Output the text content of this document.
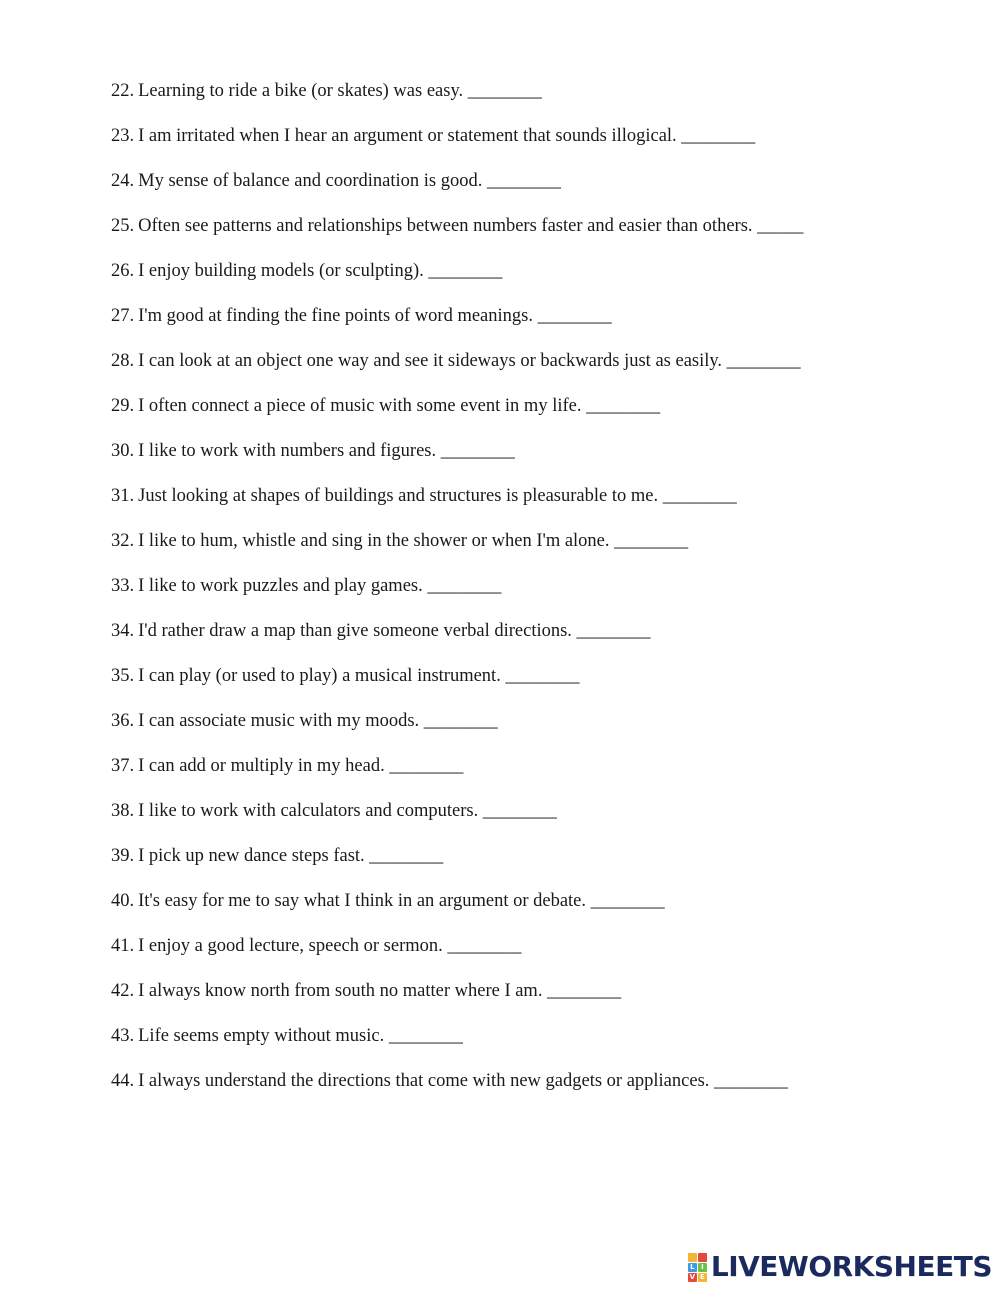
22. Learning to ride a bike (or skates) was easy. ________
23. I am irritated when I hear an argument or statement that sounds illogical. ________
24. My sense of balance and coordination is good. ________
25. Often see patterns and relationships between numbers faster and easier than others. _____
26. I enjoy building models (or sculpting). ________
27. I'm good at finding the fine points of word meanings. ________
28. I can look at an object one way and see it sideways or backwards just as easily. ________
29. I often connect a piece of music with some event in my life. ________
30. I like to work with numbers and figures. ________
31. Just looking at shapes of buildings and structures is pleasurable to me. ________
32. I like to hum, whistle and sing in the shower or when I'm alone. ________
33. I like to work puzzles and play games. ________
34. I'd rather draw a map than give someone verbal directions. ________
35. I can play (or used to play) a musical instrument. ________
36. I can associate music with my moods. ________
37. I can add or multiply in my head. ________
38. I like to work with calculators and computers. ________
39. I pick up new dance steps fast. ________
40. It's easy for me to say what I think in an argument or debate. ________
41. I enjoy a good lecture, speech or sermon. ________
42. I always know north from south no matter where I am. ________
43. Life seems empty without music. ________
44. I always understand the directions that come with new gadgets or appliances. ________
L I
V E LIVEWORKSHEETS
